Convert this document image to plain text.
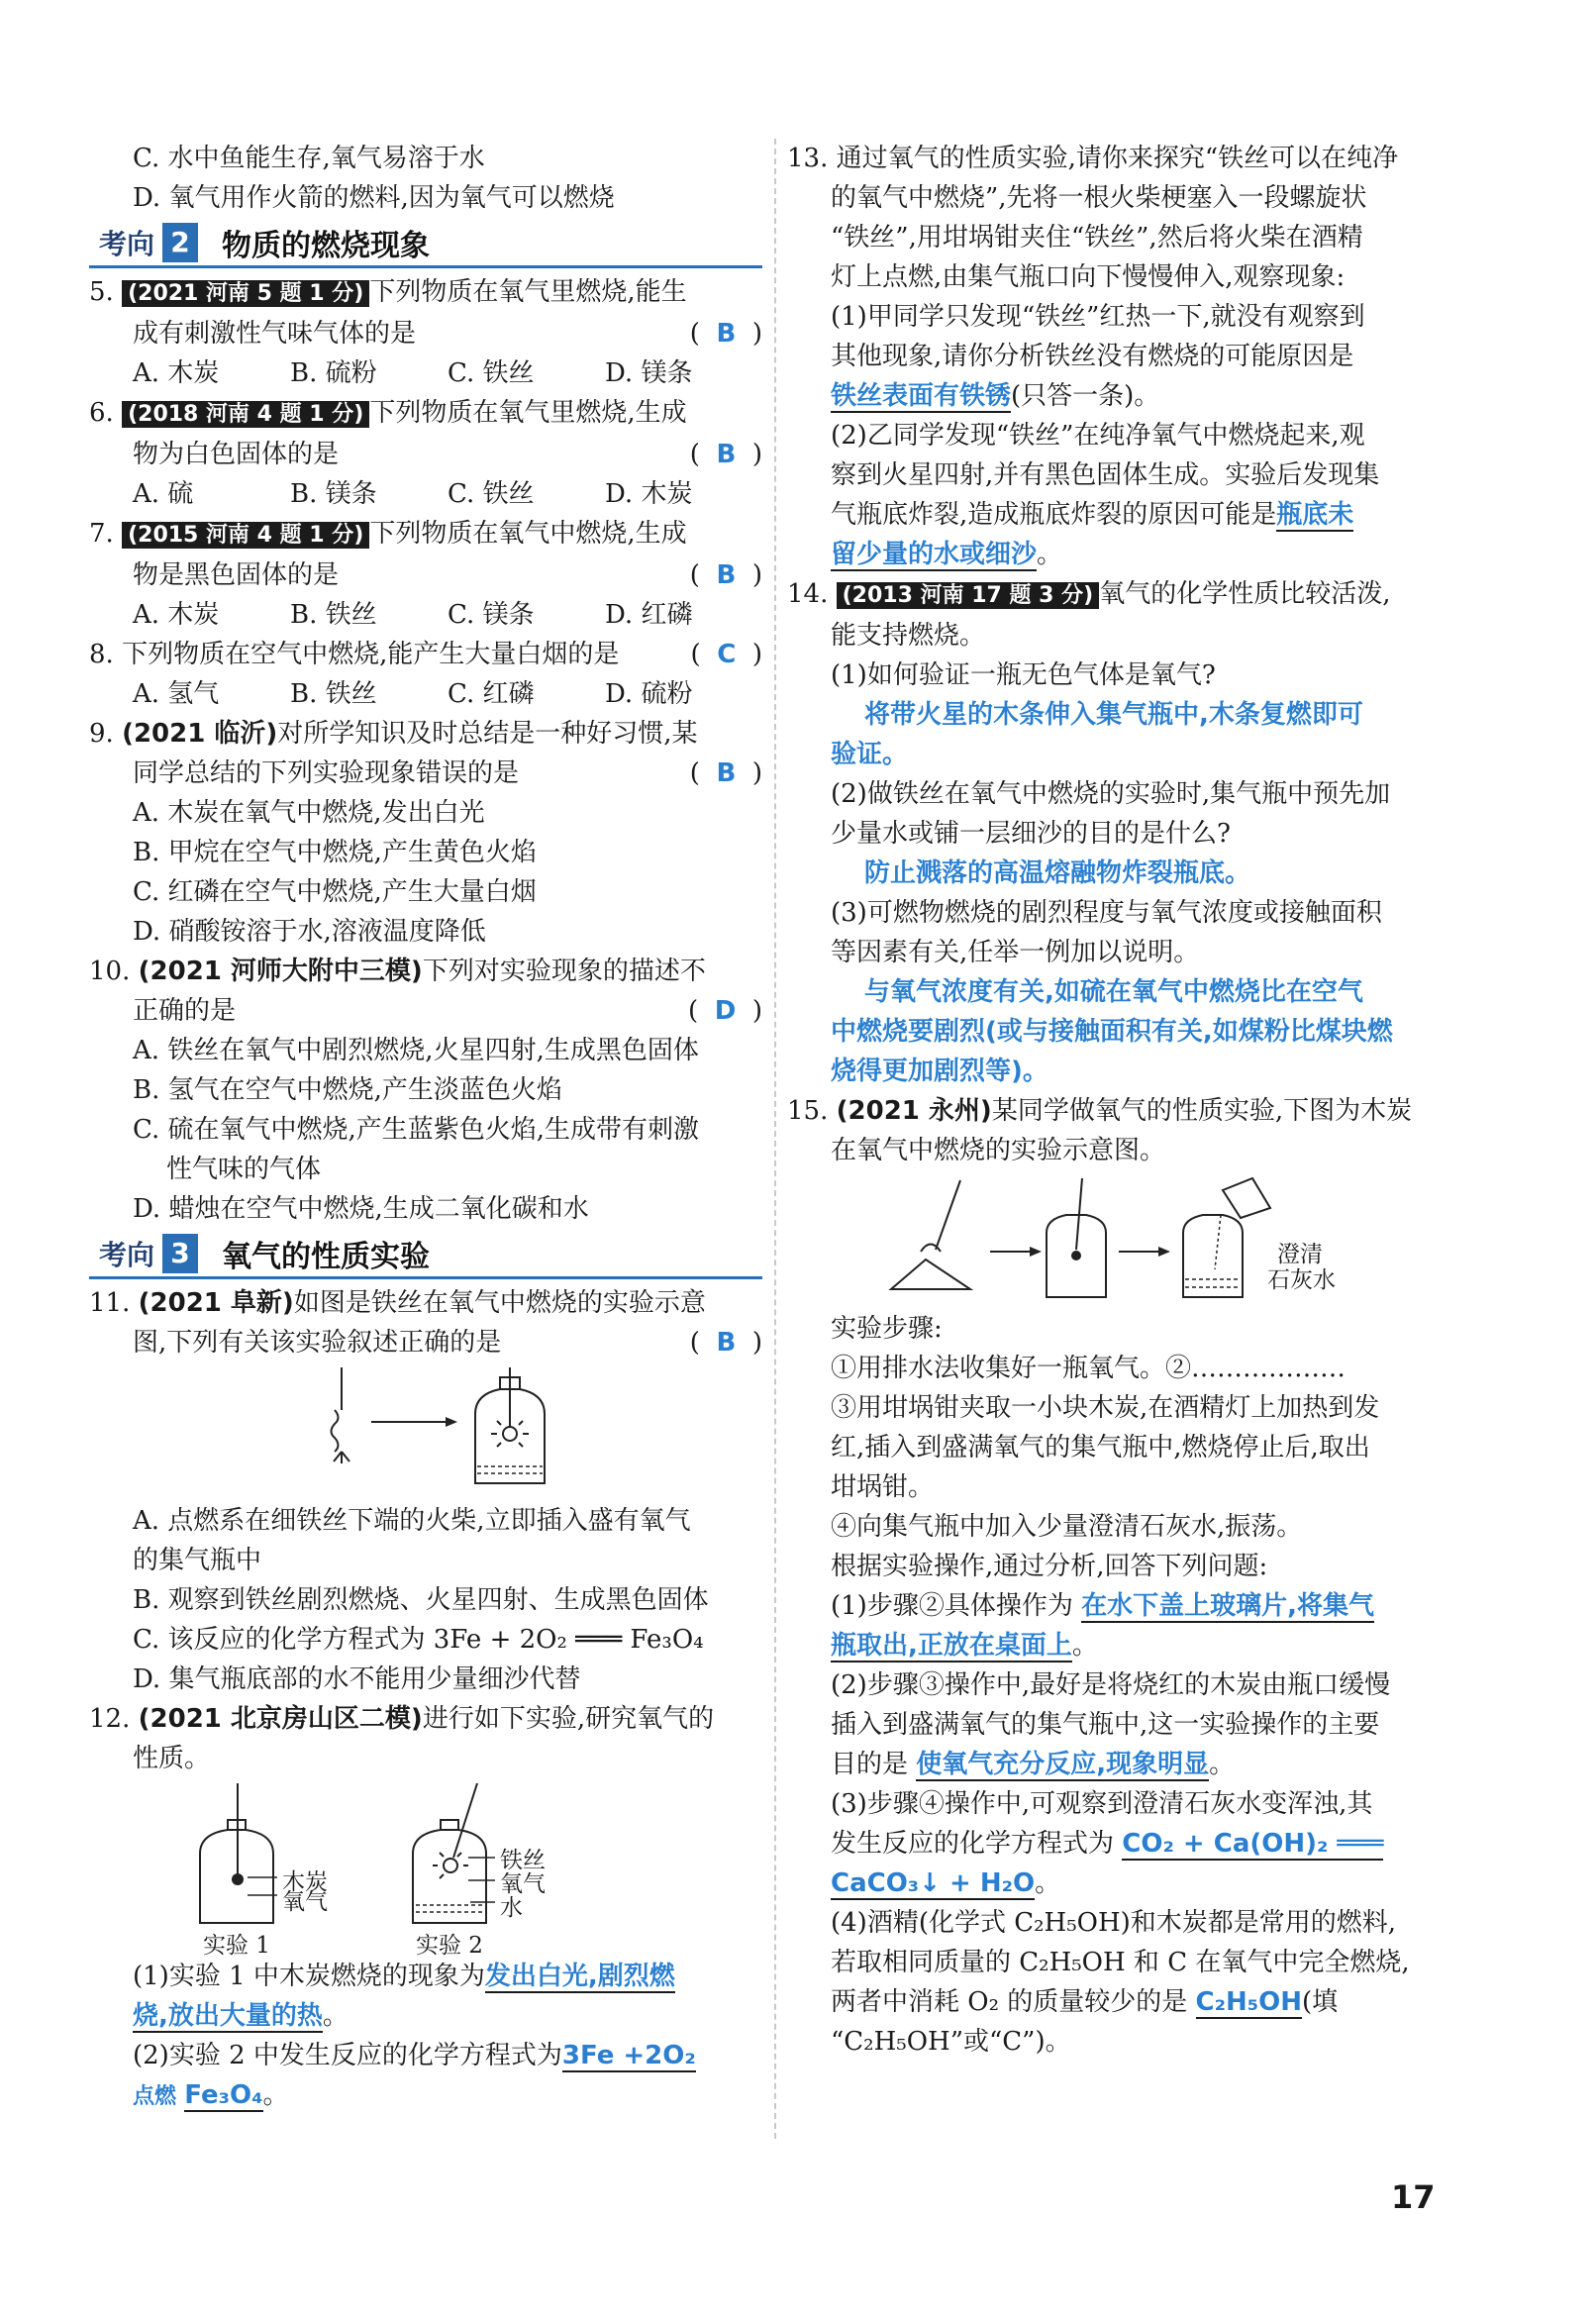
C. 水中鱼能生存,氧气易溶于水
D. 氧气用作火箭的燃料,因为氧气可以燃烧
考向 2	物质的燃烧现象
5. (2021 河南 5 题 1 分) 下列物质在氧气里燃烧,能生
成有刺激性气味气体的是	( B )
A. 木炭	B. 硫粉	C. 铁丝	D. 镁条
6. (2018 河南 4 题 1 分) 下列物质在氧气里燃烧,生成
物为白色固体的是	( B )
A. 硫	B. 镁条	C. 铁丝	D. 木炭
7. (2015 河南 4 题 1 分) 下列物质在氧气中燃烧,生成
物是黑色固体的是	( B )
A. 木炭	B. 铁丝	C. 镁条	D. 红磷
8. 下列物质在空气中燃烧,能产生大量白烟的是	( C )
A. 氢气	B. 铁丝	C. 红磷	D. 硫粉
9. (2021 临沂)对所学知识及时总结是一种好习惯,某
同学总结的下列实验现象错误的是	( B )
A. 木炭在氧气中燃烧,发出白光
B. 甲烷在空气中燃烧,产生黄色火焰
C. 红磷在空气中燃烧,产生大量白烟
D. 硝酸铵溶于水,溶液温度降低
10. (2021 河师大附中三模)下列对实验现象的描述不
正确的是	( D )
A. 铁丝在氧气中剧烈燃烧,火星四射,生成黑色固体
B. 氢气在空气中燃烧,产生淡蓝色火焰
C. 硫在氧气中燃烧,产生蓝紫色火焰,生成带有刺激
性气味的气体
D. 蜡烛在空气中燃烧,生成二氧化碳和水
考向 3	氧气的性质实验
11. (2021 阜新)如图是铁丝在氧气中燃烧的实验示意
图,下列有关该实验叙述正确的是	( B )
A. 点燃系在细铁丝下端的火柴,立即插入盛有氧气
的集气瓶中
B. 观察到铁丝剧烈燃烧、火星四射、生成黑色固体
C. 该反应的化学方程式为 3Fe + 2O₂ ═══ Fe₃O₄
D. 集气瓶底部的水不能用少量细沙代替
12. (2021 北京房山区二模)进行如下实验,研究氧气的
性质。
木炭
氧气
铁丝
氧气
水
实验 1	实验 2
(1)实验 1 中木炭燃烧的现象为发出白光,剧烈燃
烧,放出大量的热。
(2)实验 2 中发生反应的化学方程式为3Fe +2O₂
点燃 Fe₃O₄。
13. 通过氧气的性质实验,请你来探究“铁丝可以在纯净
的氧气中燃烧”,先将一根火柴梗塞入一段螺旋状
“铁丝”,用坩埚钳夹住“铁丝”,然后将火柴在酒精
灯上点燃,由集气瓶口向下慢慢伸入,观察现象:
(1)甲同学只发现“铁丝”红热一下,就没有观察到
其他现象,请你分析铁丝没有燃烧的可能原因是
铁丝表面有铁锈(只答一条)。
(2)乙同学发现“铁丝”在纯净氧气中燃烧起来,观
察到火星四射,并有黑色固体生成。实验后发现集
气瓶底炸裂,造成瓶底炸裂的原因可能是瓶底未
留少量的水或细沙。
14. (2013 河南 17 题 3 分) 氧气的化学性质比较活泼,
能支持燃烧。
(1)如何验证一瓶无色气体是氧气?
将带火星的木条伸入集气瓶中,木条复燃即可
验证。
(2)做铁丝在氧气中燃烧的实验时,集气瓶中预先加
少量水或铺一层细沙的目的是什么?
防止溅落的高温熔融物炸裂瓶底。
(3)可燃物燃烧的剧烈程度与氧气浓度或接触面积
等因素有关,任举一例加以说明。
与氧气浓度有关,如硫在氧气中燃烧比在空气
中燃烧要剧烈(或与接触面积有关,如煤粉比煤块燃
烧得更加剧烈等)。
15. (2021 永州)某同学做氧气的性质实验,下图为木炭
在氧气中燃烧的实验示意图。
澄清
石灰水
实验步骤:
①用排水法收集好一瓶氧气。②………………
③用坩埚钳夹取一小块木炭,在酒精灯上加热到发
红,插入到盛满氧气的集气瓶中,燃烧停止后,取出
坩埚钳。
④向集气瓶中加入少量澄清石灰水,振荡。
根据实验操作,通过分析,回答下列问题:
(1)步骤②具体操作为 在水下盖上玻璃片,将集气
瓶取出,正放在桌面上。
(2)步骤③操作中,最好是将烧红的木炭由瓶口缓慢
插入到盛满氧气的集气瓶中,这一实验操作的主要
目的是 使氧气充分反应,现象明显。
(3)步骤④操作中,可观察到澄清石灰水变浑浊,其
发生反应的化学方程式为 CO₂ + Ca(OH)₂ ═══
CaCO₃↓ + H₂O。
(4)酒精(化学式 C₂H₅OH)和木炭都是常用的燃料,
若取相同质量的 C₂H₅OH 和 C 在氧气中完全燃烧,
两者中消耗 O₂ 的质量较少的是 C₂H₅OH(填
“C₂H₅OH”或“C”)。
17
